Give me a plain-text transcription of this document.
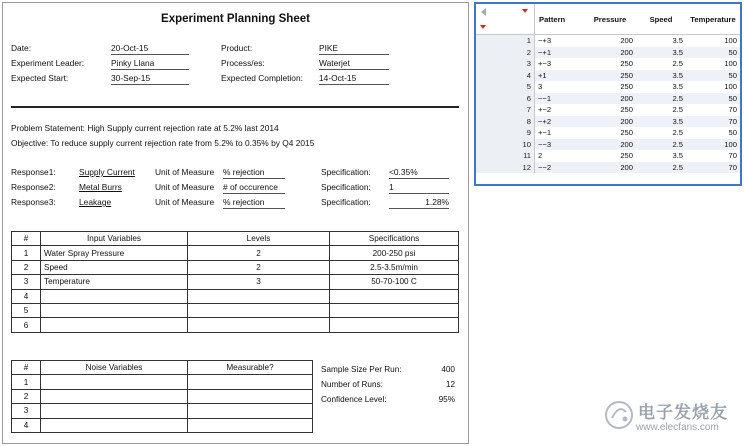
Experiment Planning Sheet
Date:	20-Oct-15
Experiment Leader:	Pinky Llana
Expected Start:	30-Sep-15
Product:	PIKE
Process/es:	Waterjet
Expected Completion: 14-Oct-15
Problem Statement: High Supply current rejection rate at 5.2% last 2014
Objective: To reduce supply current rejection rate from 5.2% to 0.35% by Q4 2015
Response1:	Supply Current Unit of Measure % rejection	Specification: <0.35%
Response2:	Metal Burrs	Unit of Measure # of occurence	Specification: 1
Response3:	Leakage	Unit of Measure % rejection	Specification:	1.28%
#	Input Variables	Levels	Specifications
1	Water Spray Pressure	2	200-250 psi
2	Speed	2	2.5-3.5m/min
3	Temperature	3	50-70-100 C
4			
5			
6			
#	Noise Variables	Measurable?
1		
2		
3		
4		
Sample Size Per Run:	400
Number of Runs:	12
Confidence Level:	95%
	Pattern	Pressure	Speed	Temperature
1	−+3	200	3.5	100
2	−+1	200	3.5	50
3	+−3	250	2.5	100
4	+1	250	3.5	50
5	3	250	3.5	100
6	−−1	200	2.5	50
7	+−2	250	2.5	70
8	−+2	200	3.5	70
9	+−1	250	2.5	50
10	−−3	200	2.5	100
11	2	250	3.5	70
12	−−2	200	2.5	70
电子发烧友
www.elecfans.com
